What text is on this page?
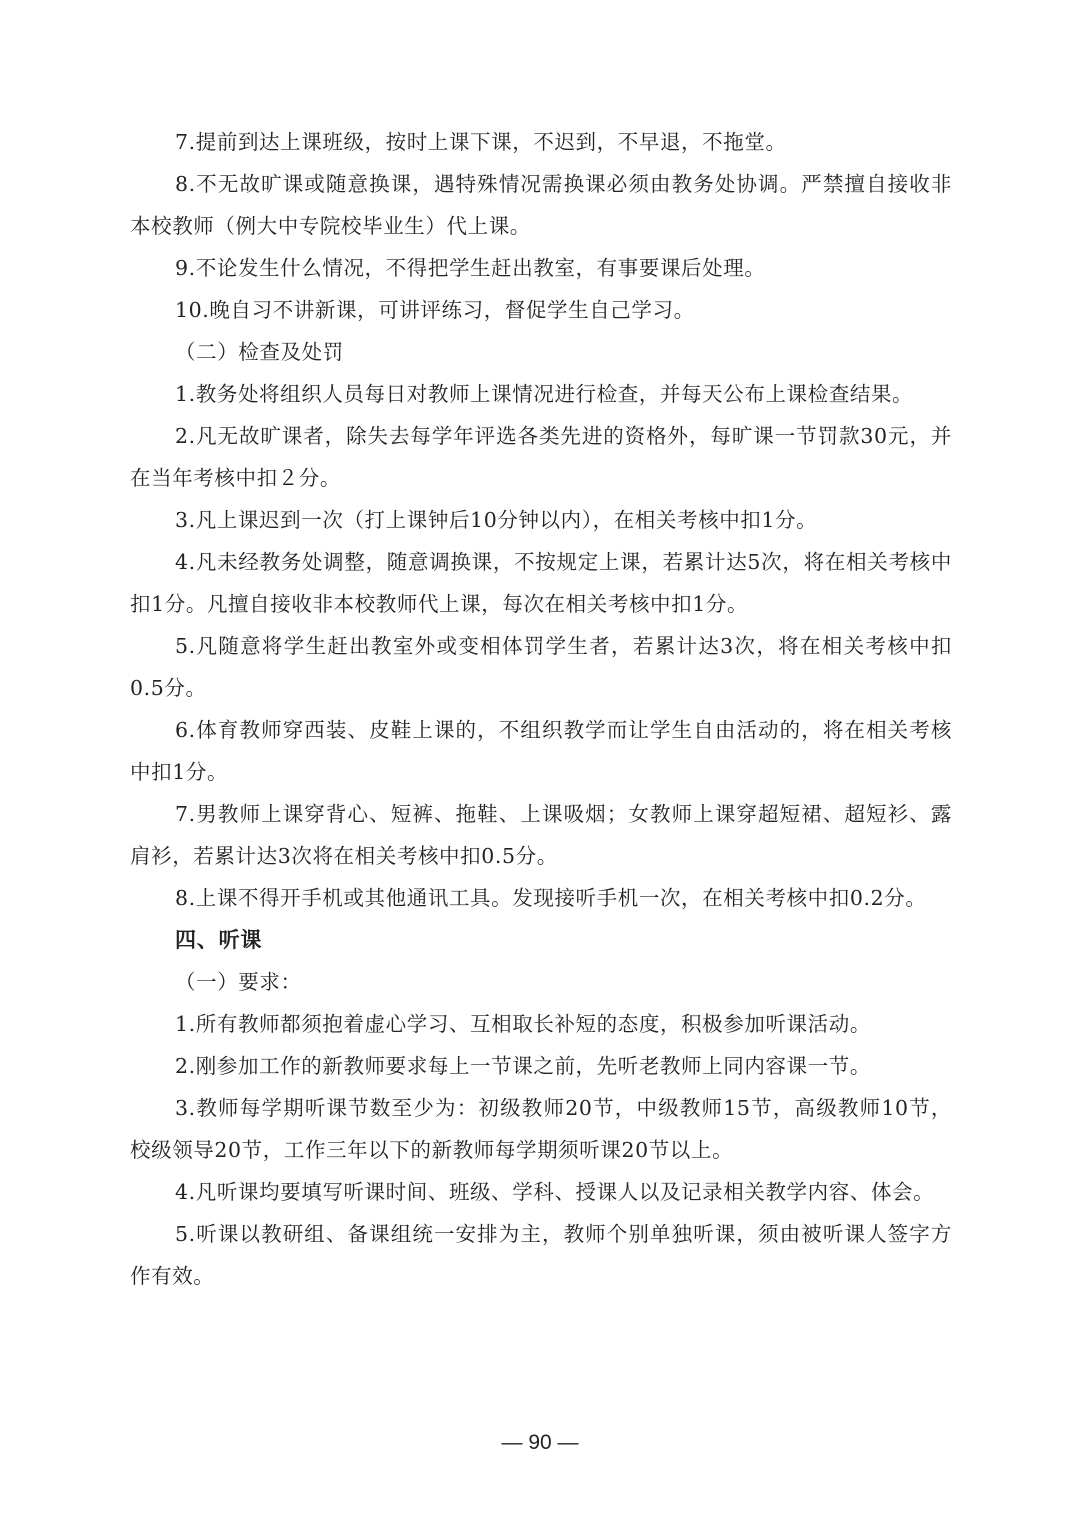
7.提前到达上课班级，按时上课下课，不迟到，不早退，不拖堂。

8.不无故旷课或随意换课，遇特殊情况需换课必须由教务处协调。严禁擅自接收非本校教师（例大中专院校毕业生）代上课。

9.不论发生什么情况，不得把学生赶出教室，有事要课后处理。

10.晚自习不讲新课，可讲评练习，督促学生自己学习。

（二）检查及处罚

1.教务处将组织人员每日对教师上课情况进行检查，并每天公布上课检查结果。

2.凡无故旷课者，除失去每学年评选各类先进的资格外，每旷课一节罚款30元，并在当年考核中扣２分。

3.凡上课迟到一次（打上课钟后10分钟以内），在相关考核中扣1分。

4.凡未经教务处调整，随意调换课，不按规定上课，若累计达5次，将在相关考核中扣1分。凡擅自接收非本校教师代上课，每次在相关考核中扣1分。

5.凡随意将学生赶出教室外或变相体罚学生者，若累计达3次，将在相关考核中扣0.5分。

6.体育教师穿西装、皮鞋上课的，不组织教学而让学生自由活动的，将在相关考核中扣1分。

7.男教师上课穿背心、短裤、拖鞋、上课吸烟；女教师上课穿超短裙、超短衫、露肩衫，若累计达3次将在相关考核中扣0.5分。

8.上课不得开手机或其他通讯工具。发现接听手机一次，在相关考核中扣0.2分。

四、听课

（一）要求：

1.所有教师都须抱着虚心学习、互相取长补短的态度，积极参加听课活动。

2.刚参加工作的新教师要求每上一节课之前，先听老教师上同内容课一节。

3.教师每学期听课节数至少为：初级教师20节，中级教师15节，高级教师10节，校级领导20节，工作三年以下的新教师每学期须听课20节以上。

4.凡听课均要填写听课时间、班级、学科、授课人以及记录相关教学内容、体会。

5.听课以教研组、备课组统一安排为主，教师个别单独听课，须由被听课人签字方作有效。

— 90 —
